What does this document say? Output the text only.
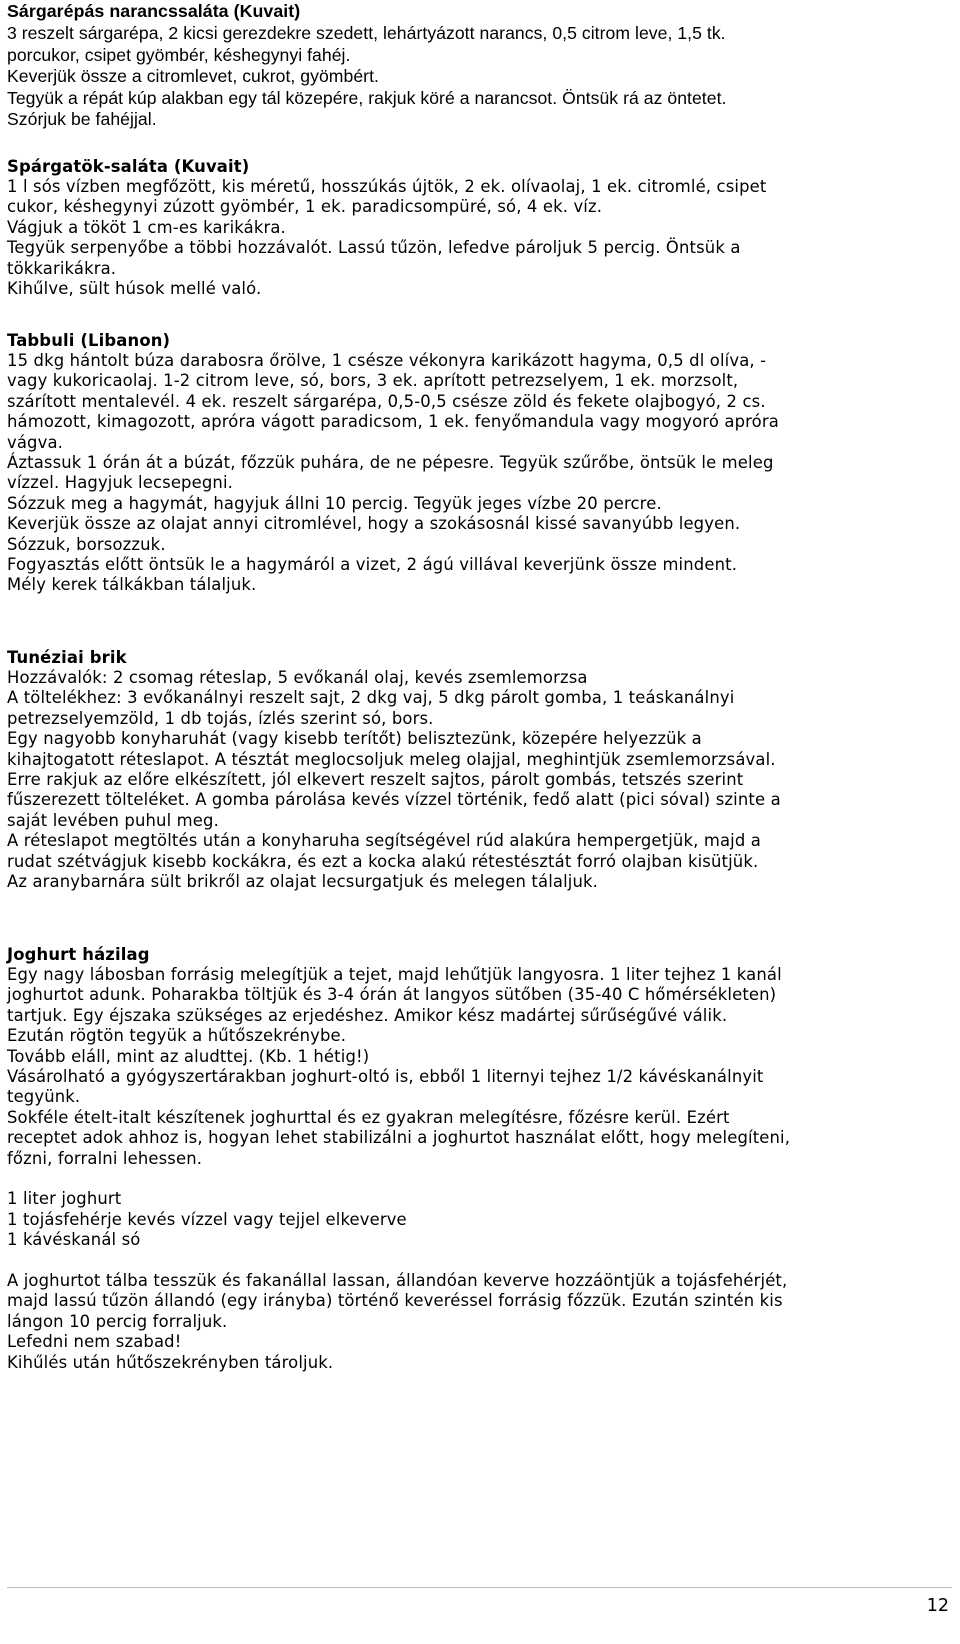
Sárgarépás narancssaláta (Kuvait)
3 reszelt sárgarépa, 2 kicsi gerezdekre szedett, lehártyázott narancs, 0,5 citrom leve, 1,5 tk.
porcukor, csipet gyömbér, késhegynyi fahéj.
Keverjük össze a citromlevet, cukrot, gyömbért.
Tegyük a répát kúp alakban egy tál közepére, rakjuk köré a narancsot. Öntsük rá az öntetet.
Szórjuk be fahéjjal.
Spárgatök-saláta (Kuvait)
1 l sós vízben megfőzött, kis méretű, hosszúkás újtök, 2 ek. olívaolaj, 1 ek. citromlé, csipet
cukor, késhegynyi zúzott gyömbér, 1 ek. paradicsompüré, só, 4 ek. víz.
Vágjuk a tököt 1 cm-es karikákra.
Tegyük serpenyőbe a többi hozzávalót. Lassú tűzön, lefedve pároljuk 5 percig. Öntsük a
tökkarikákra.
Kihűlve, sült húsok mellé való.
Tabbuli (Libanon)
15 dkg hántolt búza darabosra őrölve, 1 csésze vékonyra karikázott hagyma, 0,5 dl olíva, -
vagy kukoricaolaj. 1-2 citrom leve, só, bors, 3 ek. aprított petrezselyem, 1 ek. morzsolt,
szárított mentalevél. 4 ek. reszelt sárgarépa, 0,5-0,5 csésze zöld és fekete olajbogyó, 2 cs.
hámozott, kimagozott, apróra vágott paradicsom, 1 ek. fenyőmandula vagy mogyoró apróra
vágva.
Áztassuk 1 órán át a búzát, főzzük puhára, de ne pépesre. Tegyük szűrőbe, öntsük le meleg
vízzel. Hagyjuk lecsepegni.
Sózzuk meg a hagymát, hagyjuk állni 10 percig. Tegyük jeges vízbe 20 percre.
Keverjük össze az olajat annyi citromlével, hogy a szokásosnál kissé savanyúbb legyen.
Sózzuk, borsozzuk.
Fogyasztás előtt öntsük le a hagymáról a vizet, 2 ágú villával keverjünk össze mindent.
Mély kerek tálkákban tálaljuk.
Tunéziai brik
Hozzávalók: 2 csomag réteslap, 5 evőkanál olaj, kevés zsemlemorzsa
A töltelékhez: 3 evőkanálnyi reszelt sajt, 2 dkg vaj, 5 dkg párolt gomba, 1 teáskanálnyi
petrezselyemzöld, 1 db tojás, ízlés szerint só, bors.
Egy nagyobb konyharuhát (vagy kisebb terítőt) belisztezünk, közepére helyezzük a
kihajtogatott réteslapot. A tésztát meglocsoljuk meleg olajjal, meghintjük zsemlemorzsával.
Erre rakjuk az előre elkészített, jól elkevert reszelt sajtos, párolt gombás, tetszés szerint
fűszerezett tölteléket. A gomba párolása kevés vízzel történik, fedő alatt (pici sóval) szinte a
saját levében puhul meg.
A réteslapot megtöltés után a konyharuha segítségével rúd alakúra hempergetjük, majd a
rudat szétvágjuk kisebb kockákra, és ezt a kocka alakú rétestésztát forró olajban kisütjük.
Az aranybarnára sült brikről az olajat lecsurgatjuk és melegen tálaljuk.
Joghurt házilag
Egy nagy lábosban forrásig melegítjük a tejet, majd lehűtjük langyosra. 1 liter tejhez 1 kanál
joghurtot adunk. Poharakba töltjük és 3-4 órán át langyos sütőben (35-40 C hőmérsékleten)
tartjuk. Egy éjszaka szükséges az erjedéshez. Amikor kész madártej sűrűségűvé válik.
Ezután rögtön tegyük a hűtőszekrénybe.
Tovább eláll, mint az aludttej. (Kb. 1 hétig!)
Vásárolható a gyógyszertárakban joghurt-oltó is, ebből 1 liternyi tejhez 1/2 kávéskanálnyit
tegyünk.
Sokféle ételt-italt készítenek joghurttal és ez gyakran melegítésre, főzésre kerül. Ezért
receptet adok ahhoz is, hogyan lehet stabilizálni a joghurtot használat előtt, hogy melegíteni,
főzni, forralni lehessen.
1 liter joghurt
1 tojásfehérje kevés vízzel vagy tejjel elkeverve
1 kávéskanál só
A joghurtot tálba tesszük és fakanállal lassan, állandóan keverve hozzáöntjük a tojásfehérjét,
majd lassú tűzön állandó (egy irányba) történő keveréssel forrásig főzzük. Ezután szintén kis
lángon 10 percig forraljuk.
Lefedni nem szabad!
Kihűlés után hűtőszekrényben tároljuk.
12
